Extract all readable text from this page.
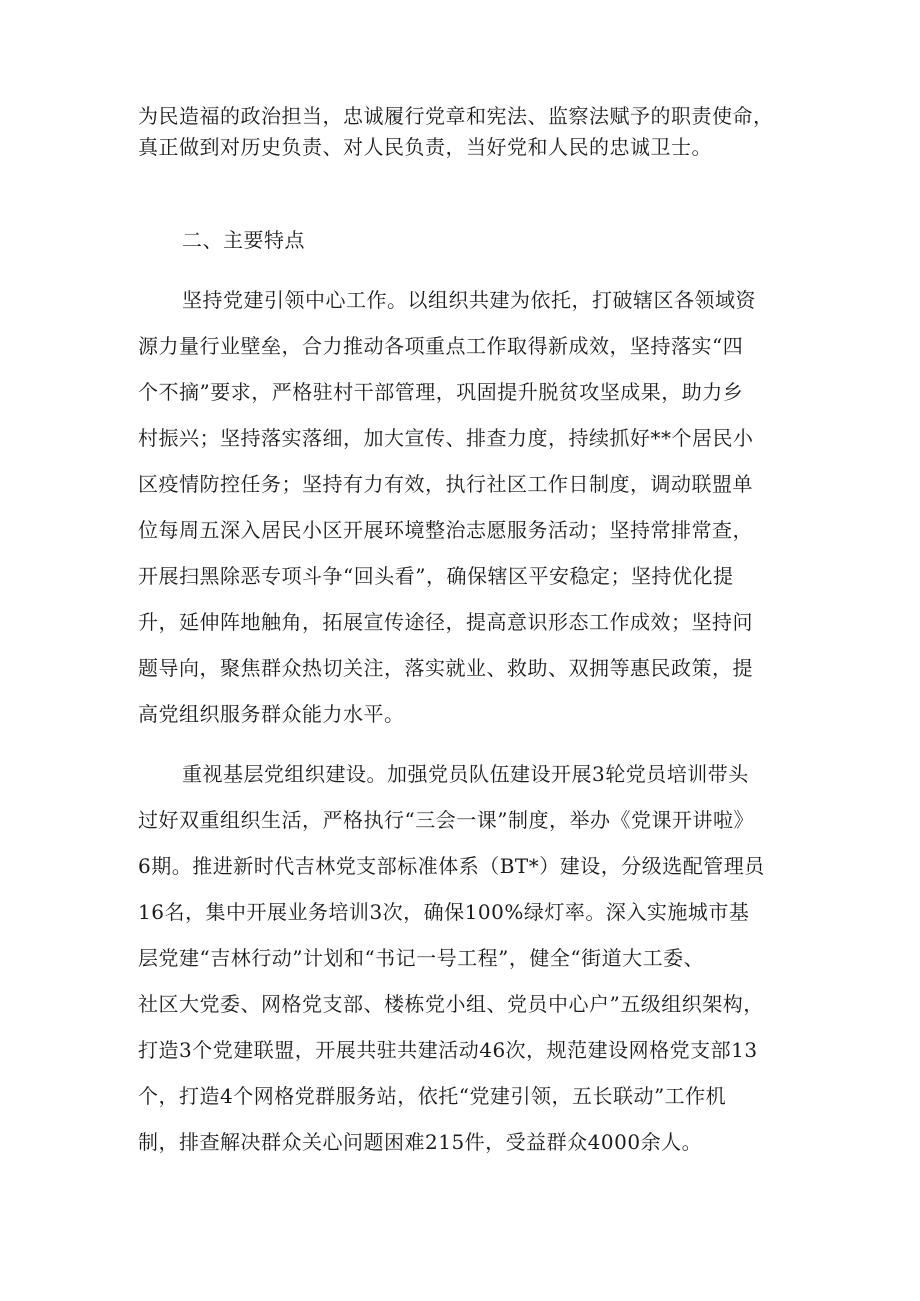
为民造福的政治担当，忠诚履行党章和宪法、监察法赋予的职责使命，
真正做到对历史负责、对人民负责，当好党和人民的忠诚卫士。
二、主要特点
坚持党建引领中心工作。以组织共建为依托，打破辖区各领域资
源力量行业壁垒，合力推动各项重点工作取得新成效，坚持落实“四
个不摘”要求，严格驻村干部管理，巩固提升脱贫攻坚成果，助力乡
村振兴；坚持落实落细，加大宣传、排查力度，持续抓好**个居民小
区疫情防控任务；坚持有力有效，执行社区工作日制度，调动联盟单
位每周五深入居民小区开展环境整治志愿服务活动；坚持常排常查，
开展扫黑除恶专项斗争“回头看”，确保辖区平安稳定；坚持优化提
升，延伸阵地触角，拓展宣传途径，提高意识形态工作成效；坚持问
题导向，聚焦群众热切关注，落实就业、救助、双拥等惠民政策，提
高党组织服务群众能力水平。
重视基层党组织建设。加强党员队伍建设开展3轮党员培训带头
过好双重组织生活，严格执行“三会一课”制度，举办《党课开讲啦》
6期。推进新时代吉林党支部标准体系（BT*）建设，分级选配管理员
16名，集中开展业务培训3次，确保100%绿灯率。深入实施城市基
层党建“吉林行动”计划和“书记一号工程”，健全“街道大工委、
社区大党委、网格党支部、楼栋党小组、党员中心户”五级组织架构，
打造3个党建联盟，开展共驻共建活动46次，规范建设网格党支部13
个，打造4个网格党群服务站，依托“党建引领，五长联动”工作机
制，排查解决群众关心问题困难215件，受益群众4000余人。
